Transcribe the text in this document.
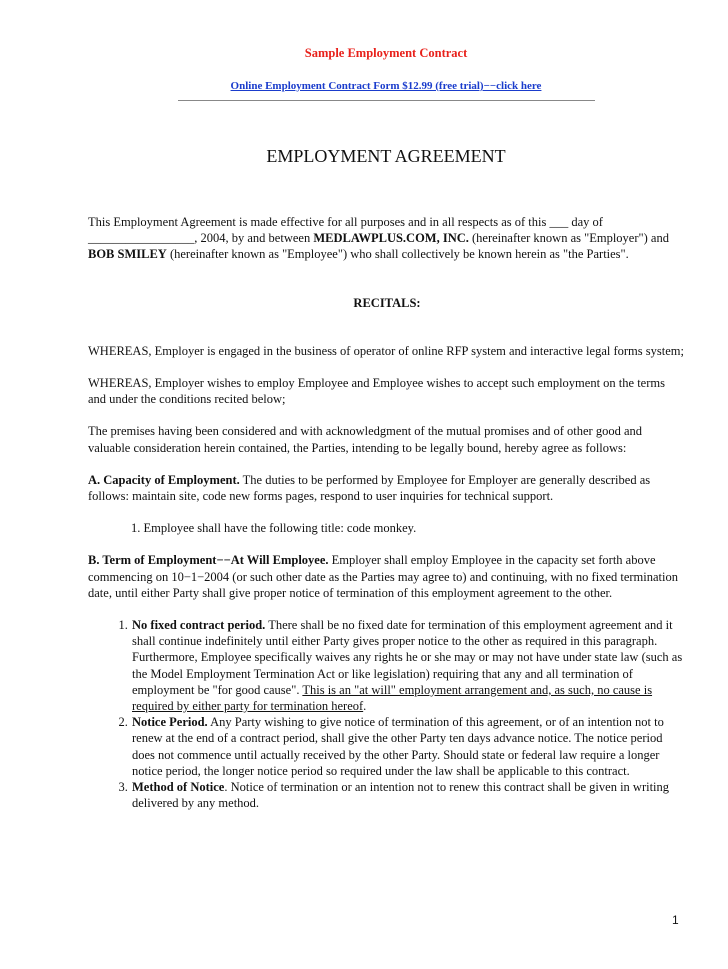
Sample Employment Contract
Online Employment Contract Form $12.99 (free trial)−−click here
EMPLOYMENT AGREEMENT

This Employment Agreement is made effective for all purposes and in all respects as of this ___ day of _________________, 2004, by and between MEDLAWPLUS.COM, INC. (hereinafter known as "Employer") and BOB SMILEY (hereinafter known as "Employee") who shall collectively be known herein as "the Parties".

RECITALS:

WHEREAS, Employer is engaged in the business of operator of online RFP system and interactive legal forms system;

WHEREAS, Employer wishes to employ Employee and Employee wishes to accept such employment on the terms and under the conditions recited below;

The premises having been considered and with acknowledgment of the mutual promises and of other good and valuable consideration herein contained, the Parties, intending to be legally bound, hereby agree as follows:

A. Capacity of Employment. The duties to be performed by Employee for Employer are generally described as follows: maintain site, code new forms pages, respond to user inquiries for technical support.

1. Employee shall have the following title: code monkey.

B. Term of Employment−−At Will Employee. Employer shall employ Employee in the capacity set forth above commencing on 10−1−2004 (or such other date as the Parties may agree to) and continuing, with no fixed termination date, until either Party shall give proper notice of termination of this employment agreement to the other.

1. No fixed contract period. There shall be no fixed date for termination of this employment agreement and it shall continue indefinitely until either Party gives proper notice to the other as required in this paragraph. Furthermore, Employee specifically waives any rights he or she may or may not have under state law (such as the Model Employment Termination Act or like legislation) requiring that any and all termination of employment be "for good cause". This is an "at will" employment arrangement and, as such, no cause is required by either party for termination hereof.
2. Notice Period. Any Party wishing to give notice of termination of this agreement, or of an intention not to renew at the end of a contract period, shall give the other Party ten days advance notice. The notice period does not commence until actually received by the other Party. Should state or federal law require a longer notice period, the longer notice period so required under the law shall be applicable to this contract.
3. Method of Notice. Notice of termination or an intention not to renew this contract shall be given in writing delivered by any method.
1
